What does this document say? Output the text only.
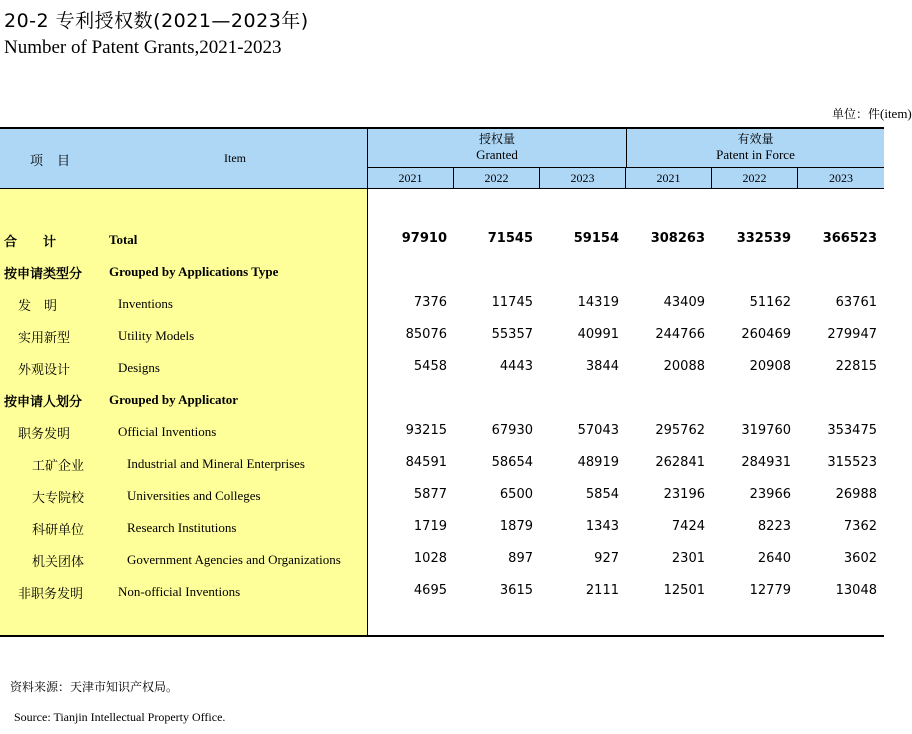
20-2 专利授权数(2021—2023年)
Number of Patent Grants,2021-2023
单位：件 (item)
授权量
Granted
有效量
Patent in Force
2021	2022	2023	2021	2022	2023
项目	Item
合　　计	Total	97910	71545	59154	308263	332539	366523
按申请类型分 Grouped by Applications Type
发　明	Inventions	7376	11745	14319	43409	51162	63761
实用新型	Utility Models	85076	55357	40991	244766	260469	279947
外观设计	Designs	5458	4443	3844	20088	20908	22815
按申请人划分 Grouped by Applicator
职务发明	Official Inventions	93215	67930	57043	295762	319760	353475
工矿企业	Industrial and Mineral Enterprises	84591	58654	48919	262841	284931	315523
大专院校	Universities and Colleges	5877	6500	5854	23196	23966	26988
科研单位	Research Institutions	1719	1879	1343	7424	8223	7362
机关团体	Government Agencies and Organizations	1028	897	927	2301	2640	3602
非职务发明	Non-official Inventions	4695	3615	2111	12501	12779	13048
资料来源：天津市知识产权局。
Source: Tianjin Intellectual Property Office.
